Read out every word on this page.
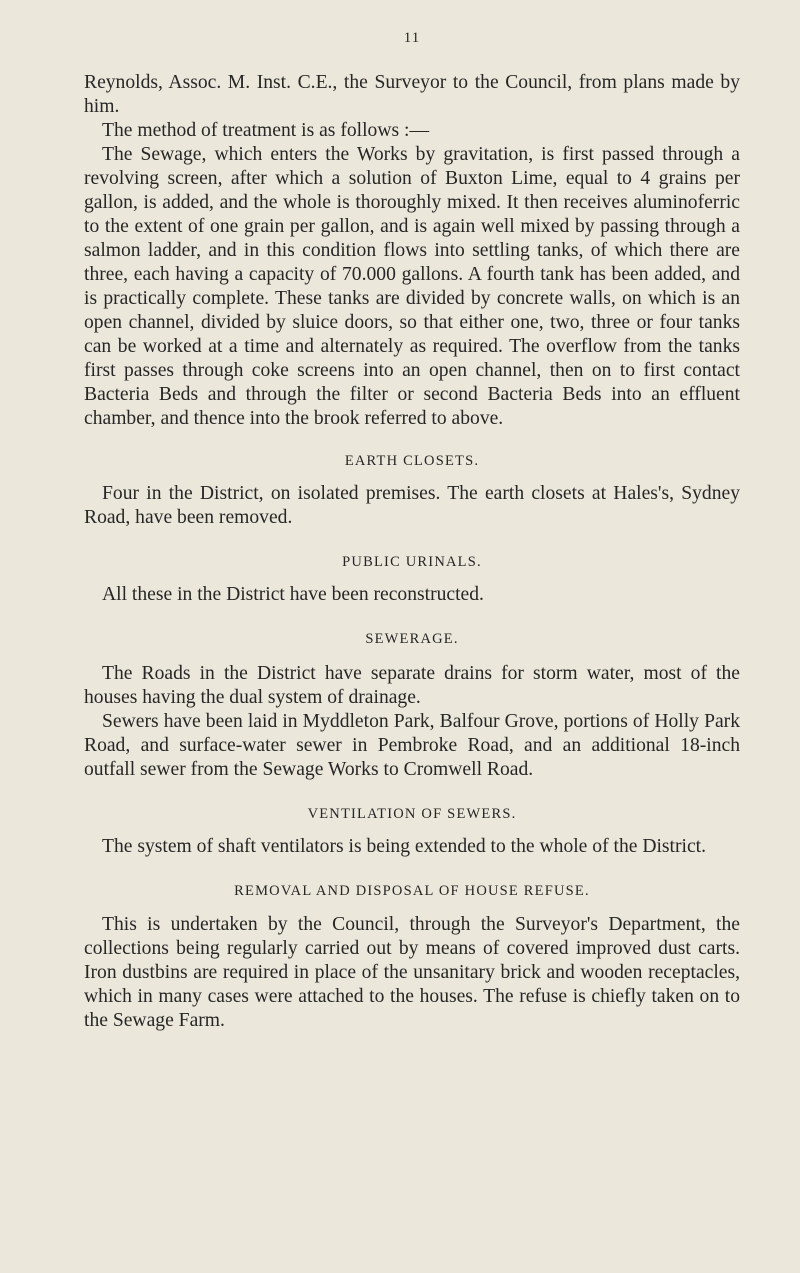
11

Reynolds, Assoc. M. Inst. C.E., the Surveyor to the Council, from plans made by him.

The method of treatment is as follows :—

The Sewage, which enters the Works by gravitation, is first passed through a revolving screen, after which a solution of Buxton Lime, equal to 4 grains per gallon, is added, and the whole is thoroughly mixed. It then receives aluminoferric to the extent of one grain per gallon, and is again well mixed by passing through a salmon ladder, and in this condition flows into settling tanks, of which there are three, each having a capacity of 70.000 gallons. A fourth tank has been added, and is practically complete. These tanks are divided by concrete walls, on which is an open channel, divided by sluice doors, so that either one, two, three or four tanks can be worked at a time and alternately as required. The overflow from the tanks first passes through coke screens into an open channel, then on to first contact Bacteria Beds and through the filter or second Bacteria Beds into an effluent chamber, and thence into the brook referred to above.

EARTH CLOSETS.

Four in the District, on isolated premises. The earth closets at Hales's, Sydney Road, have been removed.

PUBLIC URINALS.

All these in the District have been reconstructed.

SEWERAGE.

The Roads in the District have separate drains for storm water, most of the houses having the dual system of drainage.

Sewers have been laid in Myddleton Park, Balfour Grove, portions of Holly Park Road, and surface-water sewer in Pembroke Road, and an additional 18-inch outfall sewer from the Sewage Works to Cromwell Road.

VENTILATION OF SEWERS.

The system of shaft ventilators is being extended to the whole of the District.

REMOVAL AND DISPOSAL OF HOUSE REFUSE.

This is undertaken by the Council, through the Surveyor's Department, the collections being regularly carried out by means of covered improved dust carts. Iron dustbins are required in place of the unsanitary brick and wooden receptacles, which in many cases were attached to the houses. The refuse is chiefly taken on to the Sewage Farm.
